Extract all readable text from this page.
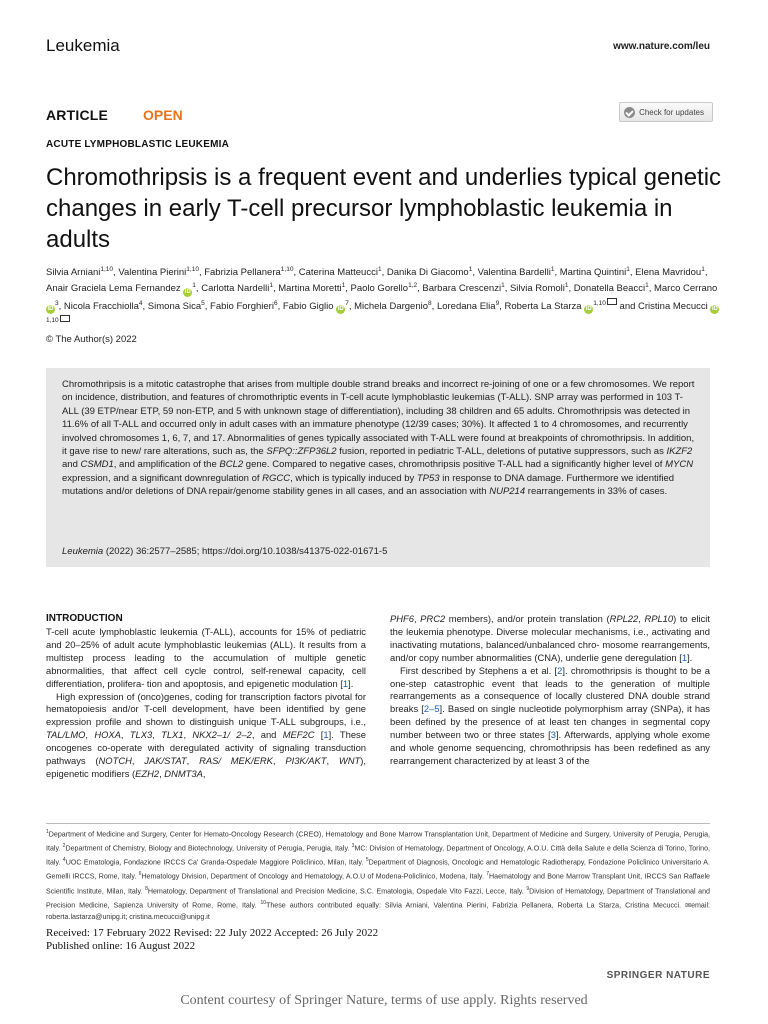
Leukemia	www.nature.com/leu
ARTICLE OPEN	Check for updates
ACUTE LYMPHOBLASTIC LEUKEMIA
Chromothripsis is a frequent event and underlies typical genetic changes in early T-cell precursor lymphoblastic leukemia in adults
Silvia Arniani$^{1,10}$, Valentina Pierini$^{1,10}$, Fabrizia Pellanera$^{1,10}$, Caterina Matteucci$^1$, Danika Di Giacomo$^1$, Valentina Bardelli$^1$, Martina Quintini$^1$, Elena Mavridou$^1$, Anair Graciela Lema Fernandez $iD^1$, Carlotta Nardelli$^1$, Martina Moretti$^1$, Paolo Gorello$^{1,2}$, Barbara Crescenzi$^1$, Silvia Romoli$^1$, Donatella Beacci$^1$, Marco Cerrano $iD^3$, Nicola Fracchiolla$^4$, Simona Sica$^5$, Fabio Forghieri$^6$, Fabio Giglio $iD^7$, Michela Dargenio$^8$, Loredana Elia$^9$, Roberta La Starza iD$^{1,10}$ and Cristina Mecucci iD$^{1,10}$
© The Author(s) 2022
Chromothripsis is a mitotic catastrophe that arises from multiple double strand breaks and incorrect re-joining of one or a few chromosomes. We report on incidence, distribution, and features of chromothriptic events in T-cell acute lymphoblastic leukemias (T-ALL). SNP array was performed in 103 T-ALL (39 ETP/near ETP, 59 non-ETP, and 5 with unknown stage of differentiation), including 38 children and 65 adults. Chromothripsis was detected in 11.6% of all T-ALL and occurred only in adult cases with an immature phenotype (12/39 cases; 30%). It affected 1 to 4 chromosomes, and recurrently involved chromosomes 1, 6, 7, and 17. Abnormalities of genes typically associated with T-ALL were found at breakpoints of chromothripsis. In addition, it gave rise to new/ rare alterations, such as, the SFPQ::ZFP36L2 fusion, reported in pediatric T-ALL, deletions of putative suppressors, such as IKZF2 and CSMD1, and amplification of the BCL2 gene. Compared to negative cases, chromothripsis positive T-ALL had a significantly higher level of MYCN expression, and a significant downregulation of RGCC, which is typically induced by TP53 in response to DNA damage. Furthermore we identified mutations and/or deletions of DNA repair/genome stability genes in all cases, and an association with NUP214 rearrangements in 33% of cases.
Leukemia (2022) 36:2577–2585; https://doi.org/10.1038/s41375-022-01671-5
INTRODUCTION

T-cell acute lymphoblastic leukemia (T-ALL), accounts for 15% of pediatric and 20–25% of adult acute lymphoblastic leukemias (ALL). It results from a multistep process leading to the accumulation of multiple genetic abnormalities, that affect cell cycle control, self-renewal capacity, cell differentiation, prolifera- tion and apoptosis, and epigenetic modulation [1].

High expression of (onco)genes, coding for transcription factors pivotal for hematopoiesis and/or T-cell development, have been identified by gene expression profile and shown to distinguish unique T-ALL subgroups, i.e., TAL/LMO, HOXA, TLX3, TLX1, NKX2–1/ 2–2, and MEF2C [1]. These oncogenes co-operate with deregulated activity of signaling transduction pathways (NOTCH, JAK/STAT, RAS/ MEK/ERK, PI3K/AKT, WNT), epigenetic modifiers (EZH2, DNMT3A,

PHF6, PRC2 members), and/or protein translation (RPL22, RPL10) to elicit the leukemia phenotype. Diverse molecular mechanisms, i.e., activating and inactivating mutations, balanced/unbalanced chro- mosome rearrangements, and/or copy number abnormalities (CNA), underlie gene deregulation [1].

First described by Stephens a et al. [2]. chromothripsis is thought to be a one-step catastrophic event that leads to the generation of multiple rearrangements as a consequence of locally clustered DNA double strand breaks [2–5]. Based on single nucleotide polymorphism array (SNPa), it has been defined by the presence of at least ten changes in segmental copy number between two or three states [3]. Afterwards, applying whole exome and whole genome sequencing, chromothripsis has been redefined as any rearrangement characterized by at least 3 of the

$^1$Department of Medicine and Surgery, Center for Hemato-Oncology Research (CREO), Hematology and Bone Marrow Transplantation Unit, Department of Medicine and Surgery, University of Perugia, Perugia, Italy. $^2$Department of Chemistry, Biology and Biotechnology, University of Perugia, Perugia, Italy. $^3$MC: Division of Hematology, Department of Oncology, A.O.U. Città della Salute e della Scienza di Torino, Torino, Italy. $^4$UOC Ematologia, Fondazione IRCCS Ca' Granda-Ospedale Maggiore Policlinico, Milan, Italy. $^5$Department of Diagnosis, Oncologic and Hematologic Radiotherapy, Fondazione Policlinico Universitario A. Gemelli IRCCS, Rome, Italy. $^6$Hematology Division, Department of Oncology and Hematology, A.O.U of Modena-Policlinico, Modena, Italy. $^7$Haematology and Bone Marrow Transplant Unit, IRCCS San Raffaele Scientific Institute, Milan, Italy. $^8$Hematology, Department of Translational and Precision Medicine, S.C. Ematologia, Ospedale Vito Fazzi, Lecce, Italy. $^9$Division of Hematology, Department of Translational and Precision Medicine, Sapienza University of Rome, Rome, Italy. $^{10}$These authors contributed equally: Silvia Arniani, Valentina Pierini, Fabrizia Pellanera, Roberta La Starza, Cristina Mecucci. ✉email: roberta.lastarza@unipg.it; cristina.mecucci@unipg.it
Received: 17 February 2022 Revised: 22 July 2022 Accepted: 26 July 2022
Published online: 16 August 2022
SPRINGER NATURE
Content courtesy of Springer Nature, terms of use apply. Rights reserved
